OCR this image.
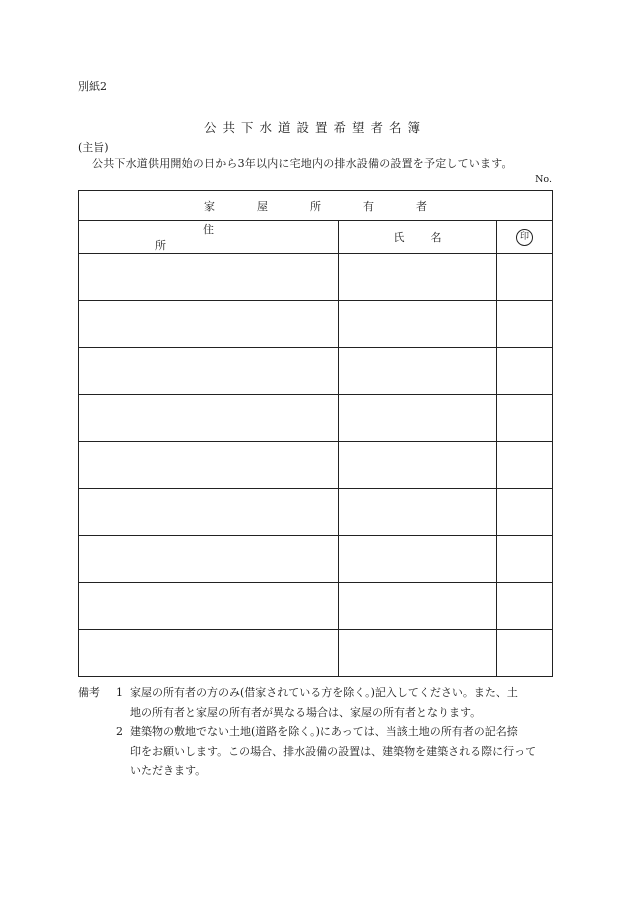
別紙2
公共下水道設置希望者名簿
(主旨)
公共下水道供用開始の日から3年以内に宅地内の排水設備の設置を予定しています。
No.
家屋所有者		
住所	氏名	印

備考	1 家屋の所有者の方のみ(借家されている方を除く。)記入してください。また、土
地の所有者と家屋の所有者が異なる場合は、家屋の所有者となります。
2 建築物の敷地でない土地(道路を除く。)にあっては、当該土地の所有者の記名捺
印をお願いします。この場合、排水設備の設置は、建築物を建築される際に行って
いただきます。
